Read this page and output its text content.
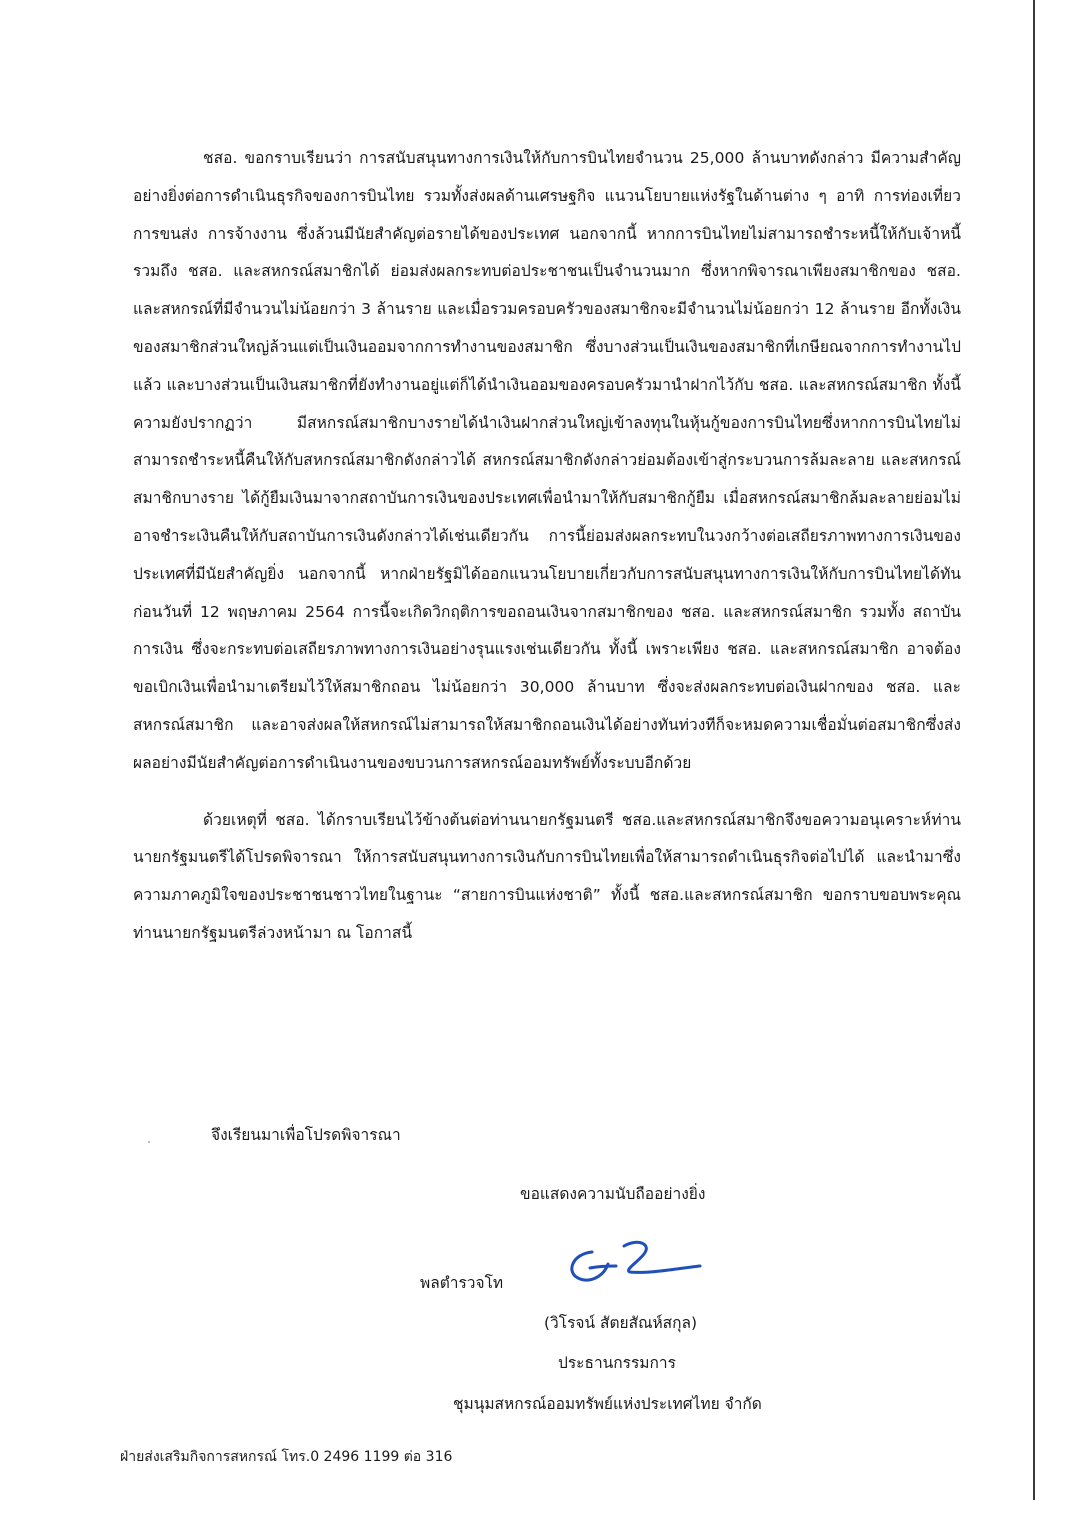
ชสอ. ขอกราบเรียนว่า การสนับสนุนทางการเงินให้กับการบินไทยจำนวน 25,000 ล้านบาทดังกล่าว มีความสำคัญอย่างยิ่งต่อการดำเนินธุรกิจของการบินไทย รวมทั้งส่งผลด้านเศรษฐกิจ แนวนโยบายแห่งรัฐในด้านต่าง ๆ อาทิ การท่องเที่ยว การขนส่ง การจ้างงาน ซึ่งล้วนมีนัยสำคัญต่อรายได้ของประเทศ นอกจากนี้ หากการบินไทยไม่สามารถชำระหนี้ให้กับเจ้าหนี้ รวมถึง ชสอ. และสหกรณ์สมาชิกได้ ย่อมส่งผลกระทบต่อประชาชนเป็นจำนวนมาก ซึ่งหากพิจารณาเพียงสมาชิกของ ชสอ. และสหกรณ์ที่มีจำนวนไม่น้อยกว่า 3 ล้านราย และเมื่อรวมครอบครัวของสมาชิกจะมีจำนวนไม่น้อยกว่า 12 ล้านราย อีกทั้งเงินของสมาชิกส่วนใหญ่ล้วนแต่เป็นเงินออมจากการทำงานของสมาชิก ซึ่งบางส่วนเป็นเงินของสมาชิกที่เกษียณจากการทำงานไปแล้ว และบางส่วนเป็นเงินสมาชิกที่ยังทำงานอยู่แต่ก็ได้นำเงินออมของครอบครัวมานำฝากไว้กับ ชสอ. และสหกรณ์สมาชิก ทั้งนี้ ความยังปรากฏว่า มีสหกรณ์สมาชิกบางรายได้นำเงินฝากส่วนใหญ่เข้าลงทุนในหุ้นกู้ของการบินไทยซึ่งหากการบินไทยไม่สามารถชำระหนี้คืนให้กับสหกรณ์สมาชิกดังกล่าวได้ สหกรณ์สมาชิกดังกล่าวย่อมต้องเข้าสู่กระบวนการล้มละลาย และสหกรณ์สมาชิกบางราย ได้กู้ยืมเงินมาจากสถาบันการเงินของประเทศเพื่อนำมาให้กับสมาชิกกู้ยืม เมื่อสหกรณ์สมาชิกล้มละลายย่อมไม่อาจชำระเงินคืนให้กับสถาบันการเงินดังกล่าวได้เช่นเดียวกัน การนี้ย่อมส่งผลกระทบในวงกว้างต่อเสถียรภาพทางการเงินของประเทศที่มีนัยสำคัญยิ่ง นอกจากนี้ หากฝ่ายรัฐมิได้ออกแนวนโยบายเกี่ยวกับการสนับสนุนทางการเงินให้กับการบินไทยได้ทันก่อนวันที่ 12 พฤษภาคม 2564 การนี้จะเกิดวิกฤติการขอถอนเงินจากสมาชิกของ ชสอ. และสหกรณ์สมาชิก รวมทั้ง สถาบันการเงิน ซึ่งจะกระทบต่อเสถียรภาพทางการเงินอย่างรุนแรงเช่นเดียวกัน ทั้งนี้ เพราะเพียง ชสอ. และสหกรณ์สมาชิก อาจต้องขอเบิกเงินเพื่อนำมาเตรียมไว้ให้สมาชิกถอน ไม่น้อยกว่า 30,000 ล้านบาท ซึ่งจะส่งผลกระทบต่อเงินฝากของ ชสอ. และสหกรณ์สมาชิก และอาจส่งผลให้สหกรณ์ไม่สามารถให้สมาชิกถอนเงินได้อย่างทันท่วงทีก็จะหมดความเชื่อมั่นต่อสมาชิกซึ่งส่งผลอย่างมีนัยสำคัญต่อการดำเนินงานของขบวนการสหกรณ์ออมทรัพย์ทั้งระบบอีกด้วย

ด้วยเหตุที่ ชสอ. ได้กราบเรียนไว้ข้างต้นต่อท่านนายกรัฐมนตรี ชสอ.และสหกรณ์สมาชิกจึงขอความอนุเคราะห์ท่านนายกรัฐมนตรีได้โปรดพิจารณา ให้การสนับสนุนทางการเงินกับการบินไทยเพื่อให้สามารถดำเนินธุรกิจต่อไปได้ และนำมาซึ่งความภาคภูมิใจของประชาชนชาวไทยในฐานะ “สายการบินแห่งชาติ” ทั้งนี้ ชสอ.และสหกรณ์สมาชิก ขอกราบขอบพระคุณท่านนายกรัฐมนตรีล่วงหน้ามา ณ โอกาสนี้

จึงเรียนมาเพื่อโปรดพิจารณา
ขอแสดงความนับถืออย่างยิ่ง
พลตำรวจโท
(วิโรจน์ สัตยสัณห์สกุล)
ประธานกรรมการ
ชุมนุมสหกรณ์ออมทรัพย์แห่งประเทศไทย จำกัด
ฝ่ายส่งเสริมกิจการสหกรณ์ โทร.0 2496 1199 ต่อ 316
